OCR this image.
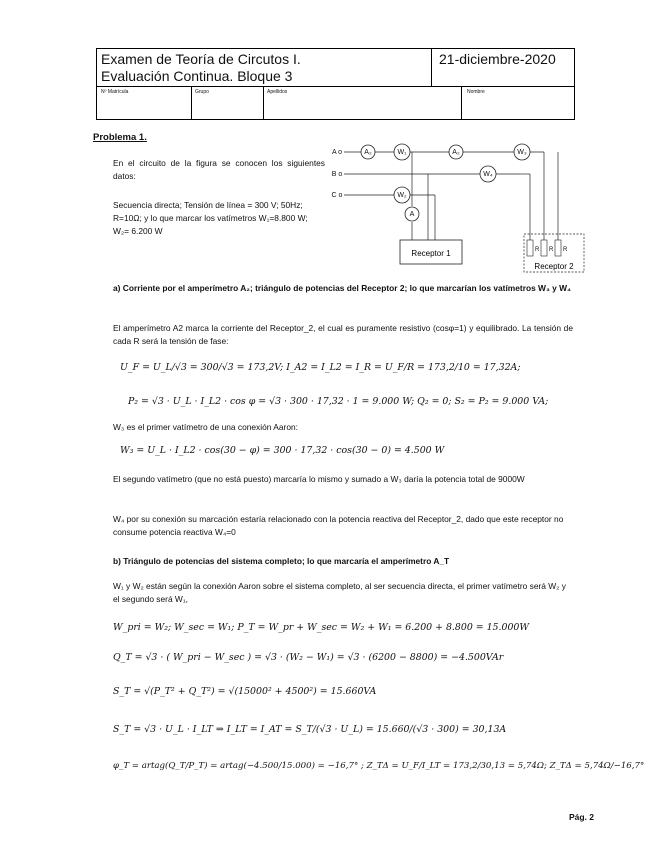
Examen de Teoría de Circutos I.
Evaluación Continua. Bloque 3
21-diciembre-2020
Nº Matrícula	Grupo	Apellidos	Nombre
Problema 1.
En el circuito de la figura se conocen los siguientes datos:
Secuencia directa; Tensión de línea = 300 V; 50Hz; R=10Ω; y lo que marcar los vatímetros W₁=8.800 W; W₂= 6.200 W
A o
B o
C o
A₂	W₁
W₂
A₂
W₄
W₃
A
Receptor 1	R R R
Receptor 2
a) Corriente por el amperímetro A₂; triángulo de potencias del Receptor 2; lo que marcarían los vatímetros W₃ y W₄
El amperímetro A2 marca la corriente del Receptor_2, el cual es puramente resistivo (cosφ=1) y equilibrado. La tensión de cada R será la tensión de fase:
U_F = U_L/√3 = 300/√3 = 173,2V; I_A2 = I_L2 = I_R = U_F/R = 173,2/10 = 17,32A;
P₂ = √3 · U_L · I_L2 · cos φ = √3 · 300 · 17,32 · 1 = 9.000 W; Q₂ = 0; S₂ = P₂ = 9.000 VA;
W₃ es el primer vatímetro de una conexión Aaron:
W₃ = U_L · I_L2 · cos(30 − φ) = 300 · 17,32 · cos(30 − 0) = 4.500 W
El segundo vatímetro (que no está puesto) marcaría lo mismo y sumado a W₃ daría la potencia total de 9000W
W₄ por su conexión su marcación estaría relacionado con la potencia reactiva del Receptor_2, dado que este receptor no consume potencia reactiva W₄=0
b) Triángulo de potencias del sistema completo; lo que marcaría el amperímetro A_T
W₁ y W₂ están según la conexión Aaron sobre el sistema completo, al ser secuencia directa, el primer vatímetro será W₂ y el segundo será W₁,
W_pri = W₂; W_sec = W₁; P_T = W_pr + W_sec = W₂ + W₁ = 6.200 + 8.800 = 15.000W
Q_T = √3 · ( W_pri − W_sec ) = √3 · (W₂ − W₁) = √3 · (6200 − 8800) = −4.500VAr
S_T = √(P_T² + Q_T²) = √(15000² + 4500²) = 15.660VA
S_T = √3 · U_L · I_LT ⇒ I_LT = I_AT = S_T/(√3 · U_L) = 15.660/(√3 · 300) = 30,13A
φ_T = artag(Q_T/P_T) = artag(−4.500/15.000) = −16,7° ; Z_TΔ = U_F/I_LT = 173,2/30,13 = 5,74Ω; Z_TΔ = 5,74Ω/−16,7°
Pág. 2
